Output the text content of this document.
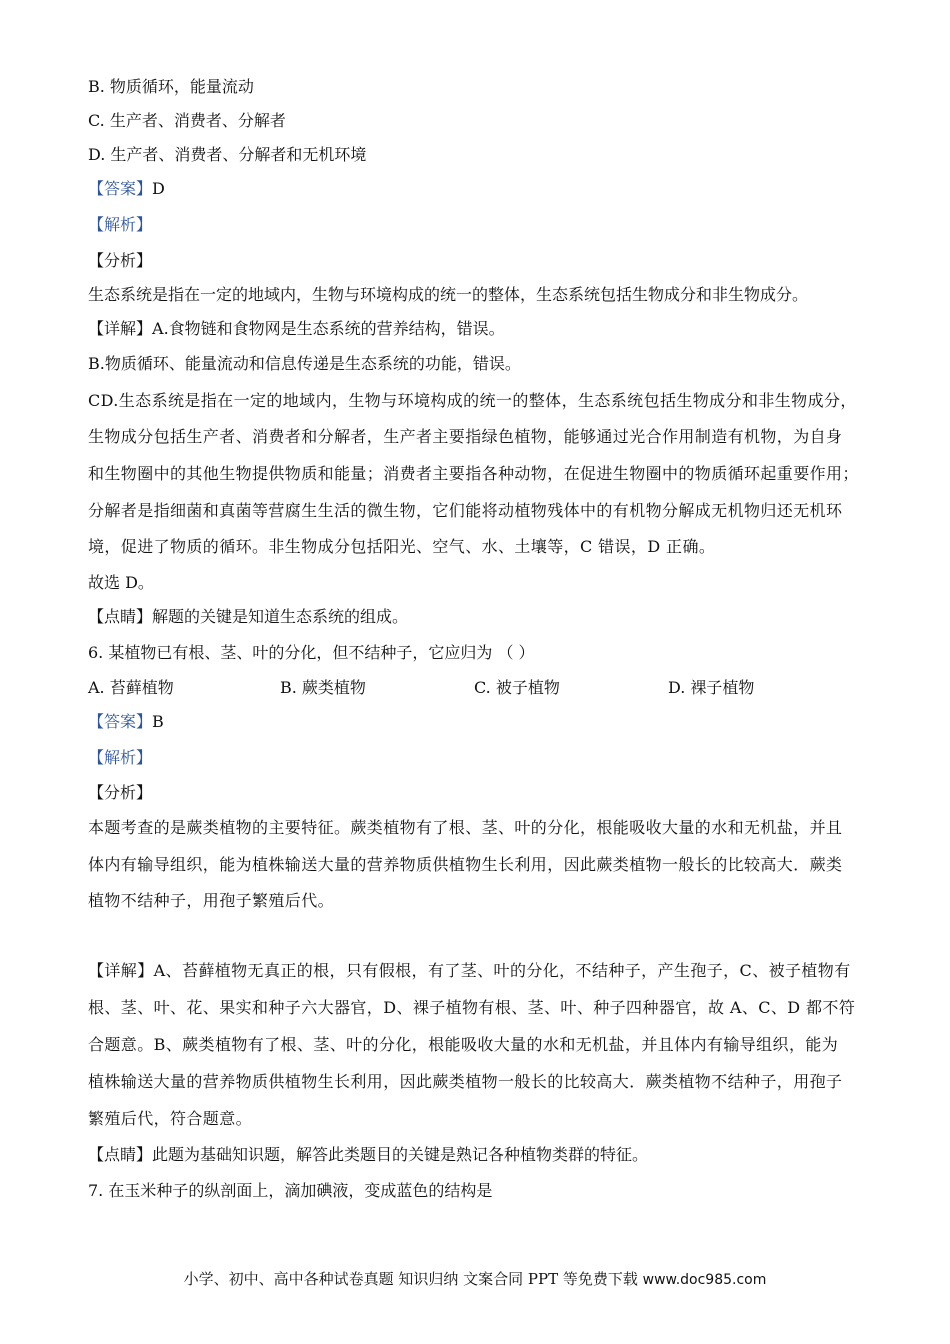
B. 物质循环，能量流动
C. 生产者、消费者、分解者
D. 生产者、消费者、分解者和无机环境
【答案】D
【解析】
【分析】
生态系统是指在一定的地域内，生物与环境构成的统一的整体，生态系统包括生物成分和非生物成分。
【详解】A.食物链和食物网是生态系统的营养结构，错误。
B.物质循环、能量流动和信息传递是生态系统的功能，错误。
CD.生态系统是指在一定的地域内，生物与环境构成的统一的整体，生态系统包括生物成分和非生物成分，
生物成分包括生产者、消费者和分解者，生产者主要指绿色植物，能够通过光合作用制造有机物，为自身
和生物圈中的其他生物提供物质和能量；消费者主要指各种动物，在促进生物圈中的物质循环起重要作用；
分解者是指细菌和真菌等营腐生生活的微生物，它们能将动植物残体中的有机物分解成无机物归还无机环
境，促进了物质的循环。非生物成分包括阳光、空气、水、土壤等，C 错误，D 正确。
故选 D。
【点睛】解题的关键是知道生态系统的组成。
6. 某植物已有根、茎、叶的分化，但不结种子，它应归为 （ ）
A. 苔藓植物	B. 蕨类植物	C. 被子植物	D. 裸子植物
【答案】B
【解析】
【分析】
本题考查的是蕨类植物的主要特征。蕨类植物有了根、茎、叶的分化，根能吸收大量的水和无机盐，并且
体内有输导组织，能为植株输送大量的营养物质供植物生长利用，因此蕨类植物一般长的比较高大．蕨类
植物不结种子，用孢子繁殖后代。
【详解】A、苔藓植物无真正的根，只有假根，有了茎、叶的分化，不结种子，产生孢子，C、被子植物有
根、茎、叶、花、果实和种子六大器官，D、裸子植物有根、茎、叶、种子四种器官，故 A、C、D 都不符
合题意。B、蕨类植物有了根、茎、叶的分化，根能吸收大量的水和无机盐，并且体内有输导组织，能为
植株输送大量的营养物质供植物生长利用，因此蕨类植物一般长的比较高大．蕨类植物不结种子，用孢子
繁殖后代，符合题意。
【点睛】此题为基础知识题，解答此类题目的关键是熟记各种植物类群的特征。
7. 在玉米种子的纵剖面上，滴加碘液，变成蓝色的结构是
小学、初中、高中各种试卷真题 知识归纳 文案合同 PPT 等免费下载 www.doc985.com
